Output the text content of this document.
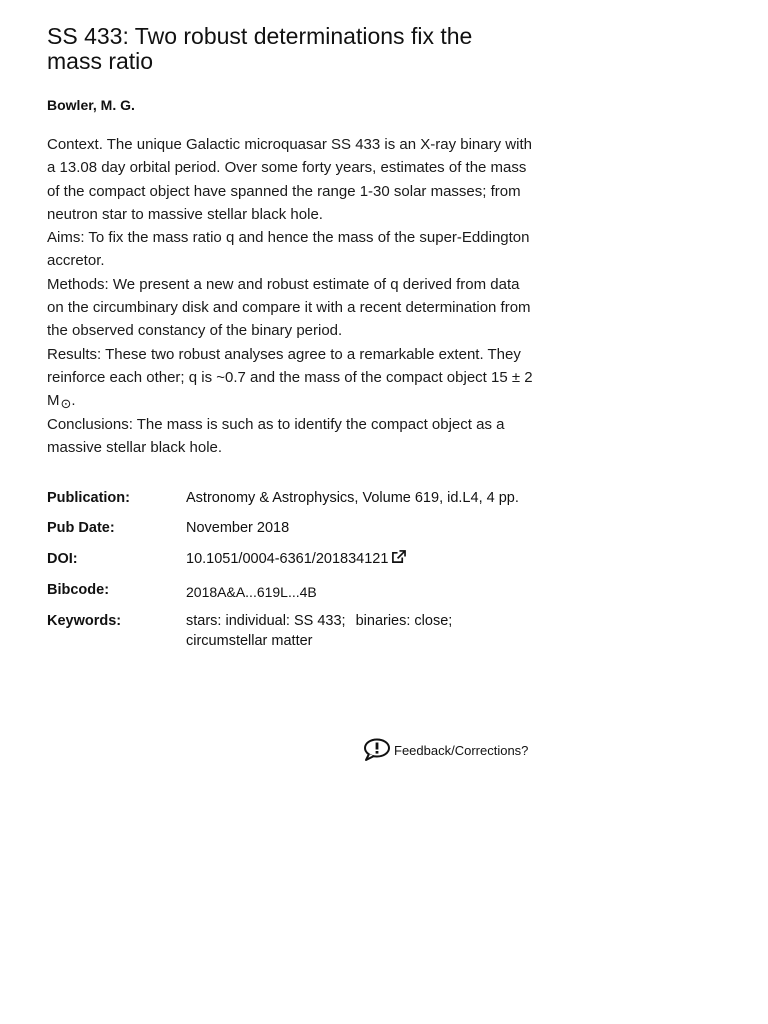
SS 433: Two robust determinations fix the mass ratio
Bowler, M. G.

Context. The unique Galactic microquasar SS 433 is an X-ray binary with a 13.08 day orbital period. Over some forty years, estimates of the mass of the compact object have spanned the range 1-30 solar masses; from neutron star to massive stellar black hole.

Aims: To fix the mass ratio q and hence the mass of the super-Eddington accretor.

Methods: We present a new and robust estimate of q derived from data on the circumbinary disk and compare it with a recent determination from the observed constancy of the binary period.

Results: These two robust analyses agree to a remarkable extent. They reinforce each other; q is ~0.7 and the mass of the compact object 15 ± 2 M⊙.

Conclusions: The mass is such as to identify the compact object as a massive stellar black hole.

Publication:	Astronomy & Astrophysics, Volume 619, id.L4, 4 pp.
Pub Date:	November 2018
DOI:	10.1051/0004-6361/201834121
Bibcode:	2018A&A...619L...4B
Keywords:	stars: individual: SS 433; binaries: close;
circumstellar matter
Feedback/Corrections?
